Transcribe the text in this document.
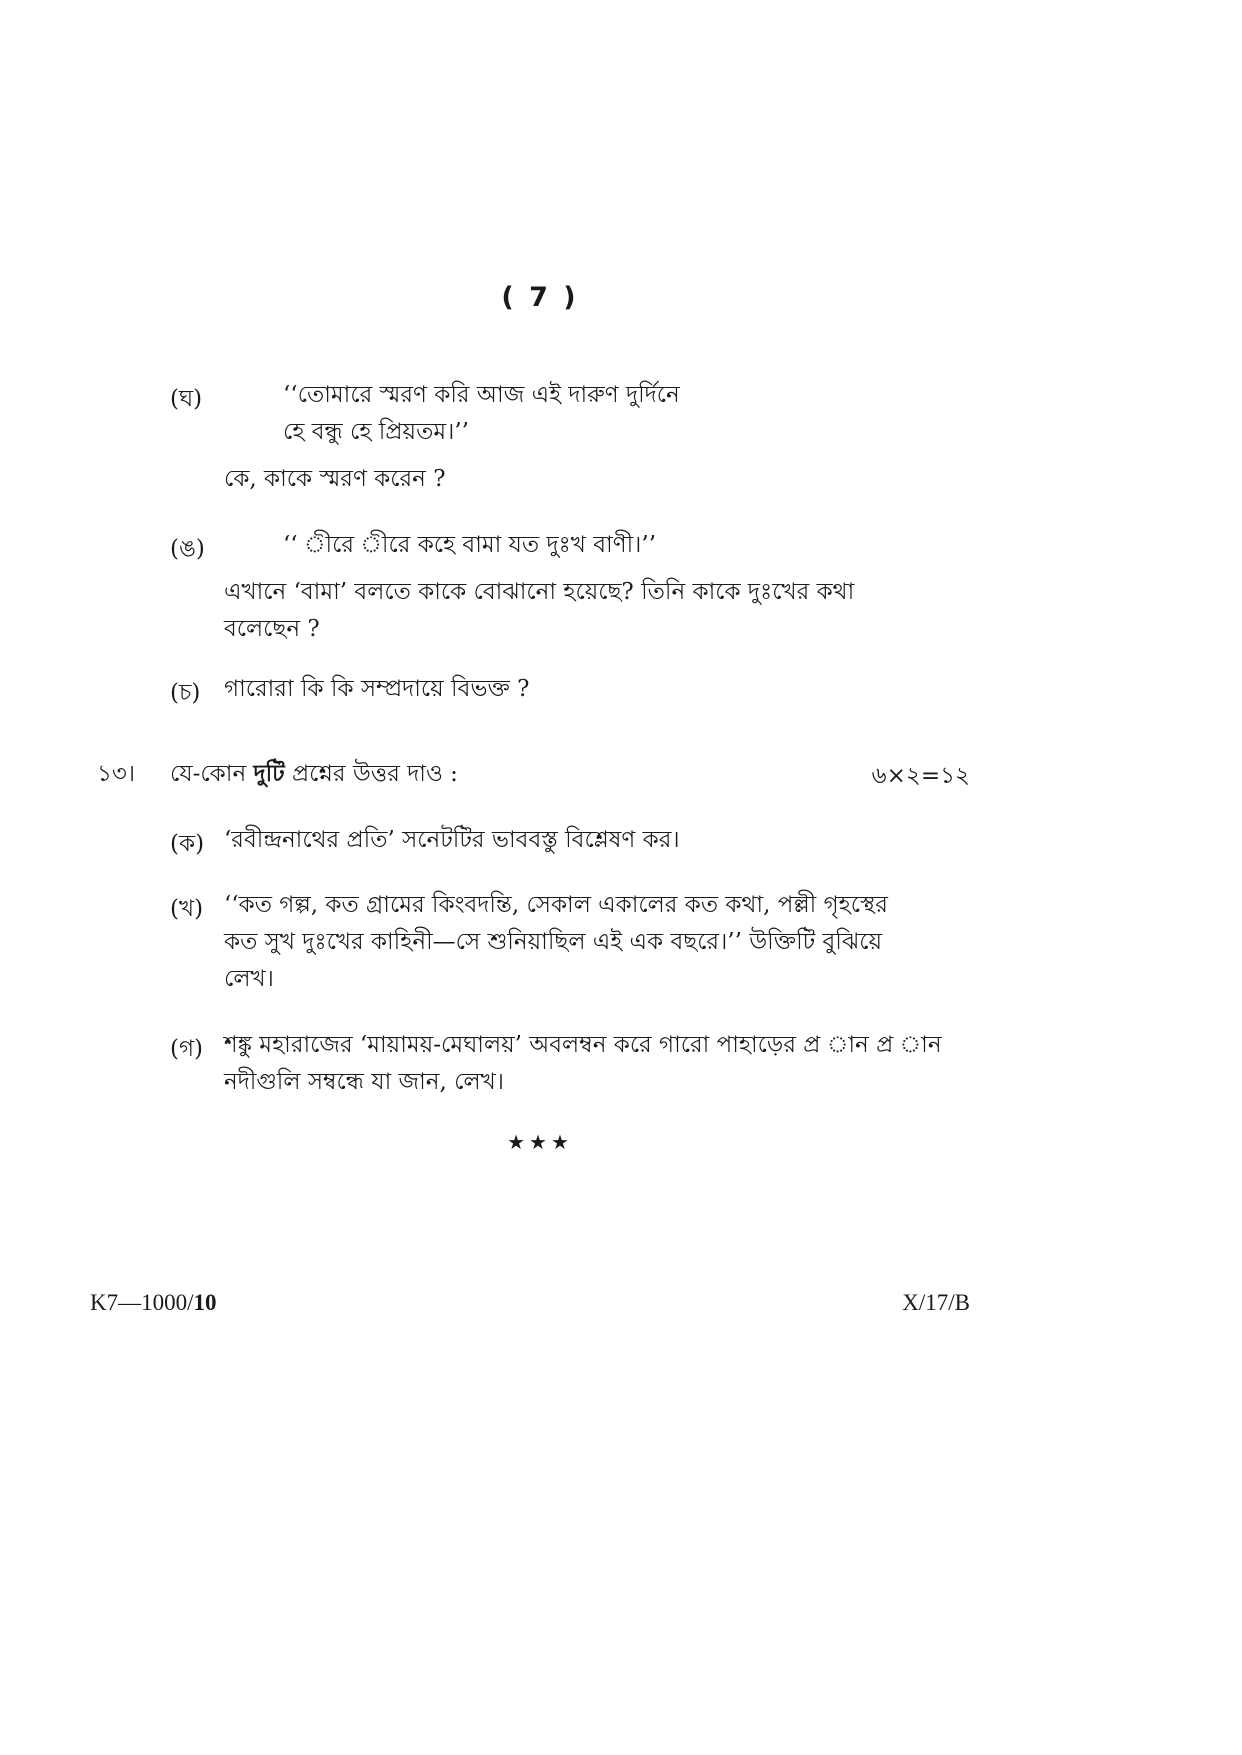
( 7 )
(ঘ)	‘‘তোমারে স্মরণ করি আজ এই দারুণ দুর্দিনে
হে বন্ধু হে প্রিয়তম।’’
কে, কাকে স্মরণ করেন ?
(ঙ)	‘‘ ীরে ীরে কহে বামা যত দুঃখ বাণী।’’
এখানে ‘বামা’ বলতে কাকে বোঝানো হয়েছে? তিনি কাকে দুঃখের কথা
বলেছেন ?
(চ) গারোরা কি কি সম্প্রদায়ে বিভক্ত ?
১৩। যে-কোন দুটি প্রশ্নের উত্তর দাও :	৬×২=১২
(ক) ‘রবীন্দ্রনাথের প্রতি’ সনেটটির ভাববস্তু বিশ্লেষণ কর।
(খ) ‘‘কত গল্প, কত গ্রামের কিংবদন্তি, সেকাল একালের কত কথা, পল্লী গৃহস্থের
কত সুখ দুঃখের কাহিনী—সে শুনিয়াছিল এই এক বছরে।’’ উক্তিটি বুঝিয়ে
লেখ।
(গ) শঙ্কু মহারাজের ‘মায়াময়-মেঘালয়’ অবলম্বন করে গারো পাহাড়ের প্র ান প্র ান
নদীগুলি সম্বন্ধে যা জান, লেখ।
★★★
K7—1000/10	X/17/B
